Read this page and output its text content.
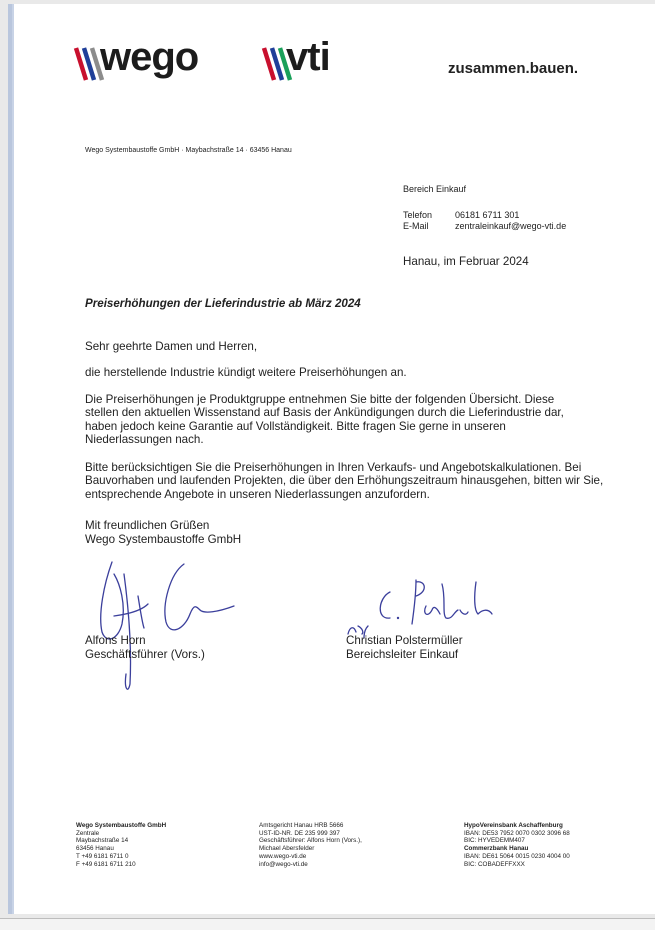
wego vti	zusammen.bauen.
Wego Systembaustoffe GmbH · Maybachstraße 14 · 63456 Hanau
Bereich Einkauf
Telefon	06181 6711 301
E-Mail	zentraleinkauf@wego-vti.de
Hanau, im Februar 2024
Preiserhöhungen der Lieferindustrie ab März 2024
Sehr geehrte Damen und Herren,
die herstellende Industrie kündigt weitere Preiserhöhungen an.
Die Preiserhöhungen je Produktgruppe entnehmen Sie bitte der folgenden Übersicht. Diese stellen den aktuellen Wissenstand auf Basis der Ankündigungen durch die Lieferindustrie dar, haben jedoch keine Garantie auf Vollständigkeit. Bitte fragen Sie gerne in unseren Niederlassungen nach.
Bitte berücksichtigen Sie die Preiserhöhungen in Ihren Verkaufs- und Angebotskalkulationen. Bei Bauvorhaben und laufenden Projekten, die über den Erhöhungszeitraum hinausgehen, bitten wir Sie, entsprechende Angebote in unseren Niederlassungen anzufordern.
Mit freundlichen Grüßen
Wego Systembaustoffe GmbH
Alfons Horn
Geschäftsführer (Vors.)
Christian Polstermüller
Bereichsleiter Einkauf
Wego Systembaustoffe GmbH
Zentrale
Maybachstraße 14
63456 Hanau
T +49 6181 6711 0
F +49 6181 6711 210
Amtsgericht Hanau HRB 5666
UST-ID-NR. DE 235 999 397
Geschäftsführer: Alfons Horn (Vors.),
Michael Abersfelder
www.wego-vti.de
info@wego-vti.de
HypoVereinsbank Aschaffenburg
IBAN: DE53 7952 0070 0302 3096 68
BIC: HYVEDEMM407
Commerzbank Hanau
IBAN: DE61 5064 0015 0230 4004 00
BIC: COBADEFFXXX
